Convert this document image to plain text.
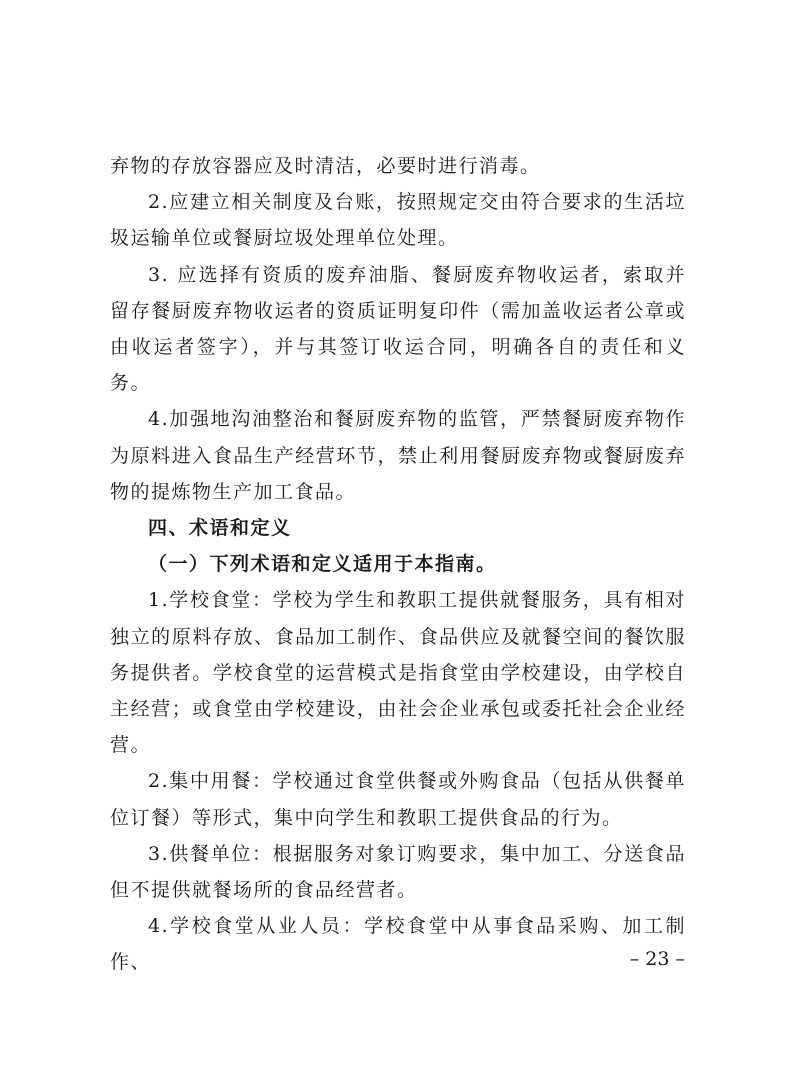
弃物的存放容器应及时清洁，必要时进行消毒。

2.应建立相关制度及台账，按照规定交由符合要求的生活垃圾运输单位或餐厨垃圾处理单位处理。

3. 应选择有资质的废弃油脂、餐厨废弃物收运者，索取并留存餐厨废弃物收运者的资质证明复印件（需加盖收运者公章或由收运者签字），并与其签订收运合同，明确各自的责任和义务。

4.加强地沟油整治和餐厨废弃物的监管，严禁餐厨废弃物作为原料进入食品生产经营环节，禁止利用餐厨废弃物或餐厨废弃物的提炼物生产加工食品。

四、术语和定义

（一）下列术语和定义适用于本指南。

1.学校食堂：学校为学生和教职工提供就餐服务，具有相对独立的原料存放、食品加工制作、食品供应及就餐空间的餐饮服务提供者。学校食堂的运营模式是指食堂由学校建设，由学校自主经营；或食堂由学校建设，由社会企业承包或委托社会企业经营。

2.集中用餐：学校通过食堂供餐或外购食品（包括从供餐单位订餐）等形式，集中向学生和教职工提供食品的行为。

3.供餐单位：根据服务对象订购要求，集中加工、分送食品但不提供就餐场所的食品经营者。

4.学校食堂从业人员：学校食堂中从事食品采购、加工制作、	– 23 –
